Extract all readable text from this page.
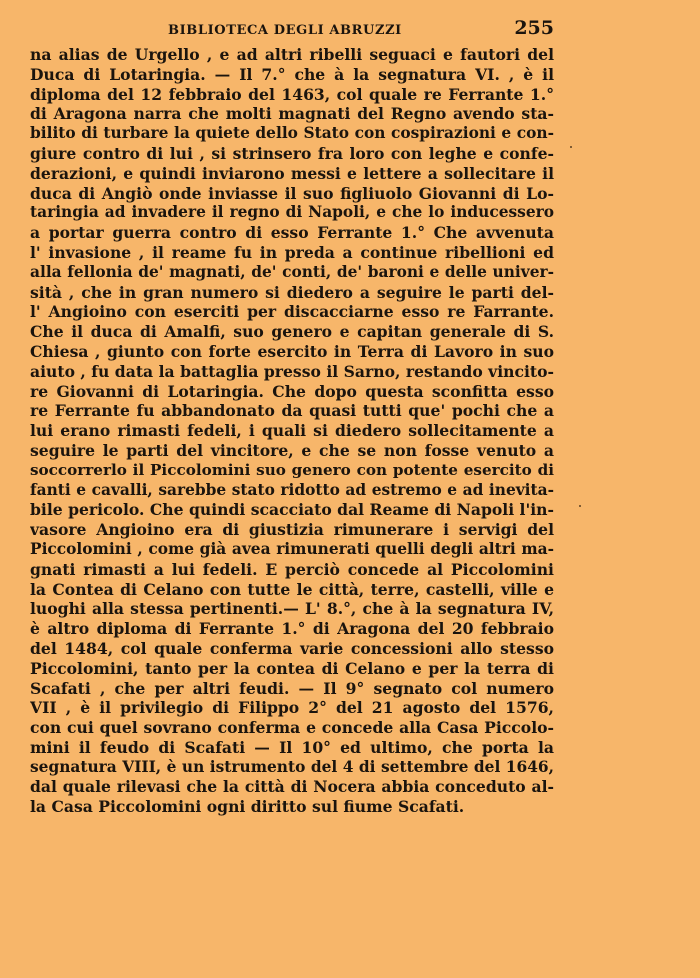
BIBLIOTECA DEGLI ABRUZZI	255
na alias de Urgello , e ad altri ribelli seguaci e fautori del
Duca di Lotaringia. — Il 7.° che à la segnatura VI. , è il
diploma del 12 febbraio del 1463, col quale re Ferrante 1.°
di Aragona narra che molti magnati del Regno avendo sta-
bilito di turbare la quiete dello Stato con cospirazioni e con-
giure contro di lui , si strinsero fra loro con leghe e confe-
derazioni, e quindi inviarono messi e lettere a sollecitare il
duca di Angiò onde inviasse il suo figliuolo Giovanni di Lo-
taringia ad invadere il regno di Napoli, e che lo inducessero
a portar guerra contro di esso Ferrante 1.° Che avvenuta
l' invasione , il reame fu in preda a continue ribellioni ed
alla fellonia de' magnati, de' conti, de' baroni e delle univer-
sità , che in gran numero si diedero a seguire le parti del-
l' Angioino con eserciti per discacciarne esso re Farrante.
Che il duca di Amalfi, suo genero e capitan generale di S.
Chiesa , giunto con forte esercito in Terra di Lavoro in suo
aiuto , fu data la battaglia presso il Sarno, restando vincito-
re Giovanni di Lotaringia. Che dopo questa sconfitta esso
re Ferrante fu abbandonato da quasi tutti que' pochi che a
lui erano rimasti fedeli, i quali si diedero sollecitamente a
seguire le parti del vincitore, e che se non fosse venuto a
soccorrerlo il Piccolomini suo genero con potente esercito di
fanti e cavalli, sarebbe stato ridotto ad estremo e ad inevita-
bile pericolo. Che quindi scacciato dal Reame di Napoli l'in-
vasore Angioino era di giustizia rimunerare i servigi del
Piccolomini , come già avea rimunerati quelli degli altri ma-
gnati rimasti a lui fedeli. E perciò concede al Piccolomini
la Contea di Celano con tutte le città, terre, castelli, ville e
luoghi alla stessa pertinenti.— L' 8.°, che à la segnatura IV,
è altro diploma di Ferrante 1.° di Aragona del 20 febbraio
del 1484, col quale conferma varie concessioni allo stesso
Piccolomini, tanto per la contea di Celano e per la terra di
Scafati , che per altri feudi. — Il 9° segnato col numero
VII , è il privilegio di Filippo 2° del 21 agosto del 1576,
con cui quel sovrano conferma e concede alla Casa Piccolo-
mini il feudo di Scafati — Il 10° ed ultimo, che porta la
segnatura VIII, è un istrumento del 4 di settembre del 1646,
dal quale rilevasi che la città di Nocera abbia conceduto al-
la Casa Piccolomini ogni diritto sul fiume Scafati.
